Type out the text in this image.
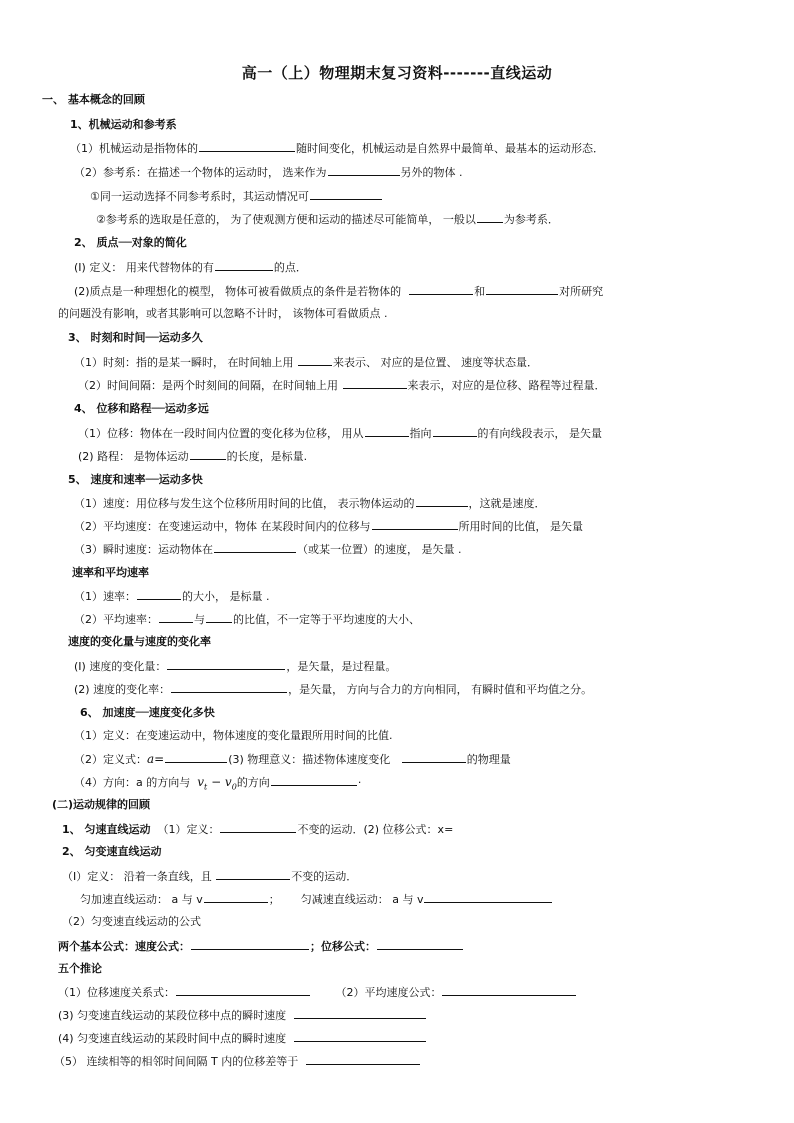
高一（上）物理期末复习资料-------直线运动
一、 基本概念的回顾
1、机械运动和参考系
（1）机械运动是指物体的	随时间变化，机械运动是自然界中最简单、最基本的运动形态．
（2）参考系：在描述一个物体的运动时， 选来作为	另外的物体 .
①同一运动选择不同参考系时，其运动情况可
②参考系的选取是任意的， 为了使观测方便和运动的描述尽可能简单， 一般以	为参考系．
2、 质点──对象的简化
(Ⅰ) 定义： 用来代替物体的有	的点．
(2)质点是一种理想化的模型， 物体可被看做质点的条件是若物体的	和	对所研究
的问题没有影响，或者其影响可以忽略不计时， 该物体可看做质点 .
3、 时刻和时间──运动多久
（1）时刻：指的是某一瞬时， 在时间轴上用	来表示、 对应的是位置、 速度等状态量．
（2）时间间隔：是两个时刻间的间隔，在时间轴上用	来表示，对应的是位移、路程等过程量．
4、 位移和路程──运动多远
（1）位移：物体在一段时间内位置的变化移为位移， 用从	指向	的有向线段表示， 是矢量
(2) 路程： 是物体运动	的长度，是标量.
5、 速度和速率──运动多快
（1）速度：用位移与发生这个位移所用时间的比值， 表示物体运动的	，这就是速度．
（2）平均速度：在变速运动中，物体 在某段时间内的位移与	所用时间的比值， 是矢量
（3）瞬时速度：运动物体在	（或某一位置）的速度， 是矢量 .
速率和平均速率
（1）速率：	的大小， 是标量 .
（2）平均速率：	与	的比值，不一定等于平均速度的大小、
速度的变化量与速度的变化率
(Ⅰ) 速度的变化量：	，是矢量，是过程量。
(2) 速度的变化率：	，是矢量， 方向与合力的方向相同， 有瞬时值和平均值之分。
6、 加速度──速度变化多快
（1）定义：在变速运动中，物体速度的变化量跟所用时间的比值.
（2）定义式：a=	(3) 物理意义：描述物体速度变化	的物理量
（4）方向：a 的方向与 $v_t - v_0$的方向	·
(二)运动规律的回顾
1、 匀速直线运动 （1）定义：	不变的运动．(2) 位移公式：x=
2、 匀变速直线运动
（Ⅰ）定义： 沿着一条直线，且	不变的运动．
匀加速直线运动： a 与 v	； 匀减速直线运动： a 与 v
（2）匀变速直线运动的公式
两个基本公式：速度公式：	；位移公式：
五个推论
（1）位移速度关系式：	（2）平均速度公式：
(3) 匀变速直线运动的某段位移中点的瞬时速度
(4) 匀变速直线运动的某段时间中点的瞬时速度
（5） 连续相等的相邻时间间隔 T 内的位移差等于
